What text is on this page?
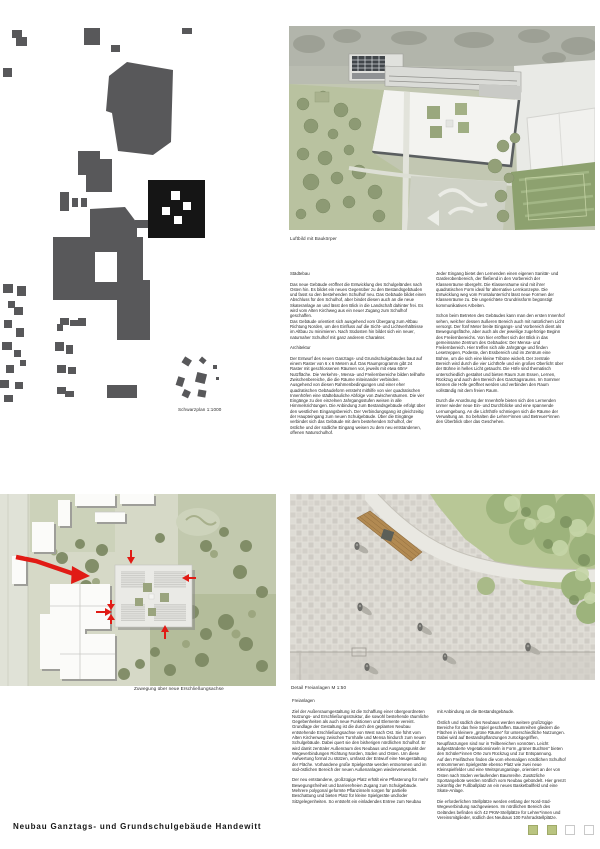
Schwarzplan 1:1000
Luftbild mit Baukörper
Städtebau

Das neue Gebäude eröffnet die Entwicklung des Schulgeländes nach Osten hin. Es bildet ein neues Gegenüber zu den Bestandsgebäuden und fasst so den bestehenden Schulhof neu. Das Gebäude bildet einen Abschluss für den Schulhof, aber bindet diesen auch an die neue Skateranlage an und lässt den Blick in die Landschaft dahinter frei. Es wird vom Alten Kirchweg aus ein neuer Zugang zum Schulhof geschaffen.

Das Gebäude orientiert sich ausgehend vom Übergang zum Altbau Richtung Norden, um den Einfluss auf die Sicht- und Lichtverhältnisse im Altbau zu minimieren. Nach Südosten hin bildet sich ein neuer, naturnaher Schulhof mit ganz anderem Charakter.

Architektur

Der Entwurf des neuen Ganztags- und Grundschulgebäudes baut auf einem Raster von 6 x 6 Metern auf. Das Raumprogramm gibt 24 Raster mit geschlossenen Räumen vor, jeweils mit etwa 60m² Nutzfläche. Die Verkehrs-, Mensa- und Freilernbereiche bilden teilhafte Zwischenbereiche, die die Räume miteinander verbinden.

Ausgehend von diesen Rahmenbedingungen und einer eher quadratischen Gebäudeform entsteht mithilfe von vier quadratischen Innenhöfen eine städtebauliche Abfolge von Zwischenräumen. Die vier Eingänge zu den einzelnen Jahrgangsstufen weisen in alle Himmelsrichtungen. Die Anbindung zum Bestandsgebäude erfolgt über den westlichen Eingangsbereich. Der Verbindungsgang ist gleichzeitig der Haupteingang zum neuen Schulgebäude. Über die Eingänge verbindet sich das Gebäude mit dem bestehenden Schulhof, der östliche und der südliche Eingang weisen zu dem neu entstandenen, offenen Naturschulhof.

Jeder Eingang bietet den Lernenden einen eigenen Sanitär- und Garderobenbereich, der fließend in den Vorbereich der Klassenräume übergeht. Die Klassenräume sind mit ihrer quadratischen Form ideal für alternative Lernkonzepte. Die Entwicklung weg vom Frontalunterricht lässt neue Formen der Klassenräume zu. Die ungerichtete Grundrissform begünstigt kommunikatives Arbeiten.

Schon beim Betreten des Gebäudes kann man den ersten Innenhof sehen, welcher dessen äußeren Bereich auch mit natürlichem Licht versorgt. Der fünf Meter breite Eingangs- und Vorbereich dient als Bewegungsfläche, aber auch als der jeweilige zugehörige Beginn des Freilernbereichs. Von hier eröffnet sich der Blick in das gemeinsame Zentrum des Gebäudes: Der Mensa- und Freilernbereich. Hier treffen sich alle Jahrgänge und finden Lesetreppen, Podeste, den Essbereich und im Zentrum eine Bühne, um die sich eine kleine Tribüne wickelt. Der zentrale Bereich wird durch die vier Lichthöfe und ein großes Oberlicht über der Bühne in helles Licht getaucht. Die Höfe sind thematisch unterschiedlich gestaltet und bieten Raum zum Essen, Lernen, Rückzug und auch den Bereich des Ganztagsraums. Im Sommer können die Höfe geöffnet werden und verbinden den Raum vollständig mit dem freien Raum.

Durch die Anordnung der Innenhöfe bieten sich den Lernenden immer wieder neue Ein- und Durchblicke und eine spannende Lernumgebung. An die Lichthöfe schmiegen sich die Räume der Verwaltung an. So behalten die Lehrer*innen und Betreuer*innen den Überblick über das Geschehen.

Zuwegung über neue Erschließungsachse	Detail Freianlagen M 1:50
Freianlagen

Ziel der Außenraumgestaltung ist die Schaffung einer übergeordneten Nutzungs- und Erschließungsstruktur, die sowohl bestehende räumliche Gegebenheiten als auch neue Funktionen und Elemente vereint.

Grundlage der Gestaltung ist die durch den geplanten Neubau entstehende Erschließungsachse von West nach Ost. Sie führt vom Alten Kirchenweg zwischen Turnhalle und Mensa hindurch zum neuen Schulgebäude. Dabei quert sie den bisherigen nördlichen Schulhof. Er wird damit zentraler Außenraum des Neubaus und Ausgangspunkt der Wegeverbindungen Richtung Norden, Süden und Osten. Um diese Aufwertung formal zu stützen, umfasst der Entwurf eine Neugestaltung der Fläche. Vorhandene große Spielgeräte werden entnommen und im süd-östlichen Bereich der neuen Außenanlagen wiederverwendet.

Der neu entstandene, großzügige Platz erhält eine Pflasterung für mehr Bewegungsfreiheit und barrierefreien Zugang zum Schulgebäude. Mehrere polygonal geformte Pflanzinseln sorgen für partielle Beschattung und bieten Platz für kleine Spielgeräte und/oder Sitzgelegenheiten. So entsteht ein einladendes Entree zum Neubau

mit Anbindung an die Bestandsgebäude.

Östlich und südlich des Neubaus werden weitere großzügige Bereiche für das freie Spiel geschaffen. Baumreihen gliedern die Flächen in kleinere „grüne Räume“ für unterschiedliche Nutzungen. Dabei wird auf Bestandspflanzungen zurückgegriffen, Neupflanzungen sind nur in Teilbereichen vonnöten. Leicht aufgeständerte Vegetationsinseln in Form „grüner Buchten“ bieten den Schüler*innen Orte zum Rückzug und zur Entspannung.

Auf den Freiflächen finden die vom ehemaligen nördlichen Schulhof entnommenen Spielgeräte ebenso Platz wie zwei neue Kleinspielfelder und eine Weitsprunganlage, orientiert an der von Osten nach Süden verlaufenden Baumreihe. Zusätzliche Sportangebote werden nördlich vom Neubau gebündelt. Hier grenzt zukünftig der Fußballplatz an ein neues Basketballfeld und eine Skate-Anlage.

Die erforderlichen Stellplätze werden entlang der Nord-Süd-Wegeverbindung nachgewiesen. Im nördlichen Bereich des Geländes befinden sich 42 PKW-Stellplätze für Lehrer*innen und Vereinsmitglieder, südlich des Neubaus 100 Fahrradstellplätze.

Neubau Ganztags- und Grundschulgebäude Handewitt
